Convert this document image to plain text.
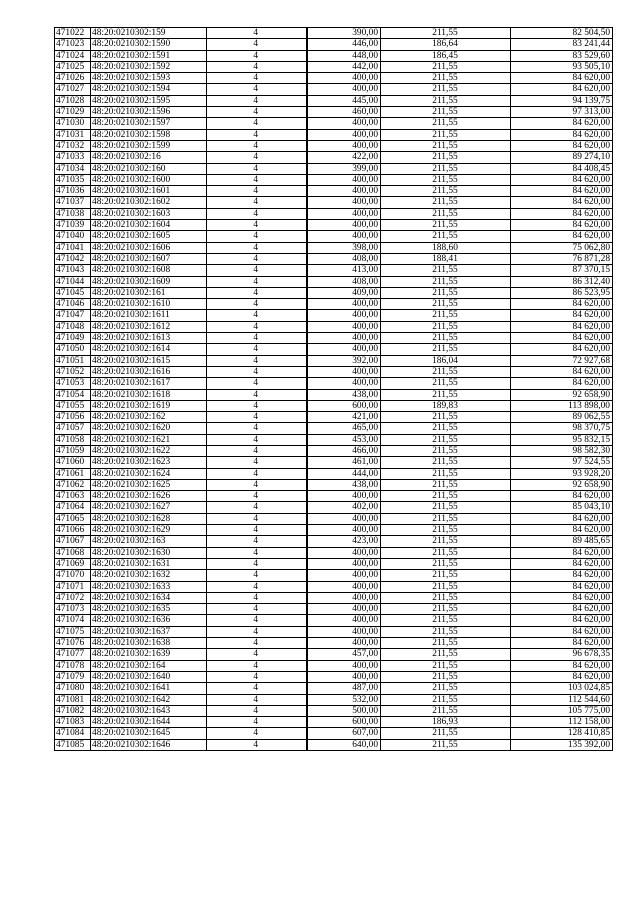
471022	48:20:0210302:159	4	390,00	211,55	82 504,50
471023	48:20:0210302:1590	4	446,00	186,64	83 241,44
471024	48:20:0210302:1591	4	448,00	186,45	83 529,60
471025	48:20:0210302:1592	4	442,00	211,55	93 505,10
471026	48:20:0210302:1593	4	400,00	211,55	84 620,00
471027	48:20:0210302:1594	4	400,00	211,55	84 620,00
471028	48:20:0210302:1595	4	445,00	211,55	94 139,75
471029	48:20:0210302:1596	4	460,00	211,55	97 313,00
471030	48:20:0210302:1597	4	400,00	211,55	84 620,00
471031	48:20:0210302:1598	4	400,00	211,55	84 620,00
471032	48:20:0210302:1599	4	400,00	211,55	84 620,00
471033	48:20:0210302:16	4	422,00	211,55	89 274,10
471034	48:20:0210302:160	4	399,00	211,55	84 408,45
471035	48:20:0210302:1600	4	400,00	211,55	84 620,00
471036	48:20:0210302:1601	4	400,00	211,55	84 620,00
471037	48:20:0210302:1602	4	400,00	211,55	84 620,00
471038	48:20:0210302:1603	4	400,00	211,55	84 620,00
471039	48:20:0210302:1604	4	400,00	211,55	84 620,00
471040	48:20:0210302:1605	4	400,00	211,55	84 620,00
471041	48:20:0210302:1606	4	398,00	188,60	75 062,80
471042	48:20:0210302:1607	4	408,00	188,41	76 871,28
471043	48:20:0210302:1608	4	413,00	211,55	87 370,15
471044	48:20:0210302:1609	4	408,00	211,55	86 312,40
471045	48:20:0210302:161	4	409,00	211,55	86 523,95
471046	48:20:0210302:1610	4	400,00	211,55	84 620,00
471047	48:20:0210302:1611	4	400,00	211,55	84 620,00
471048	48:20:0210302:1612	4	400,00	211,55	84 620,00
471049	48:20:0210302:1613	4	400,00	211,55	84 620,00
471050	48:20:0210302:1614	4	400,00	211,55	84 620,00
471051	48:20:0210302:1615	4	392,00	186,04	72 927,68
471052	48:20:0210302:1616	4	400,00	211,55	84 620,00
471053	48:20:0210302:1617	4	400,00	211,55	84 620,00
471054	48:20:0210302:1618	4	438,00	211,55	92 658,90
471055	48:20:0210302:1619	4	600,00	189,83	113 898,00
471056	48:20:0210302:162	4	421,00	211,55	89 062,55
471057	48:20:0210302:1620	4	465,00	211,55	98 370,75
471058	48:20:0210302:1621	4	453,00	211,55	95 832,15
471059	48:20:0210302:1622	4	466,00	211,55	98 582,30
471060	48:20:0210302:1623	4	461,00	211,55	97 524,55
471061	48:20:0210302:1624	4	444,00	211,55	93 928,20
471062	48:20:0210302:1625	4	438,00	211,55	92 658,90
471063	48:20:0210302:1626	4	400,00	211,55	84 620,00
471064	48:20:0210302:1627	4	402,00	211,55	85 043,10
471065	48:20:0210302:1628	4	400,00	211,55	84 620,00
471066	48:20:0210302:1629	4	400,00	211,55	84 620,00
471067	48:20:0210302:163	4	423,00	211,55	89 485,65
471068	48:20:0210302:1630	4	400,00	211,55	84 620,00
471069	48:20:0210302:1631	4	400,00	211,55	84 620,00
471070	48:20:0210302:1632	4	400,00	211,55	84 620,00
471071	48:20:0210302:1633	4	400,00	211,55	84 620,00
471072	48:20:0210302:1634	4	400,00	211,55	84 620,00
471073	48:20:0210302:1635	4	400,00	211,55	84 620,00
471074	48:20:0210302:1636	4	400,00	211,55	84 620,00
471075	48:20:0210302:1637	4	400,00	211,55	84 620,00
471076	48:20:0210302:1638	4	400,00	211,55	84 620,00
471077	48:20:0210302:1639	4	457,00	211,55	96 678,35
471078	48:20:0210302:164	4	400,00	211,55	84 620,00
471079	48:20:0210302:1640	4	400,00	211,55	84 620,00
471080	48:20:0210302:1641	4	487,00	211,55	103 024,85
471081	48:20:0210302:1642	4	532,00	211,55	112 544,60
471082	48:20:0210302:1643	4	500,00	211,55	105 775,00
471083	48:20:0210302:1644	4	600,00	186,93	112 158,00
471084	48:20:0210302:1645	4	607,00	211,55	128 410,85
471085	48:20:0210302:1646	4	640,00	211,55	135 392,00
